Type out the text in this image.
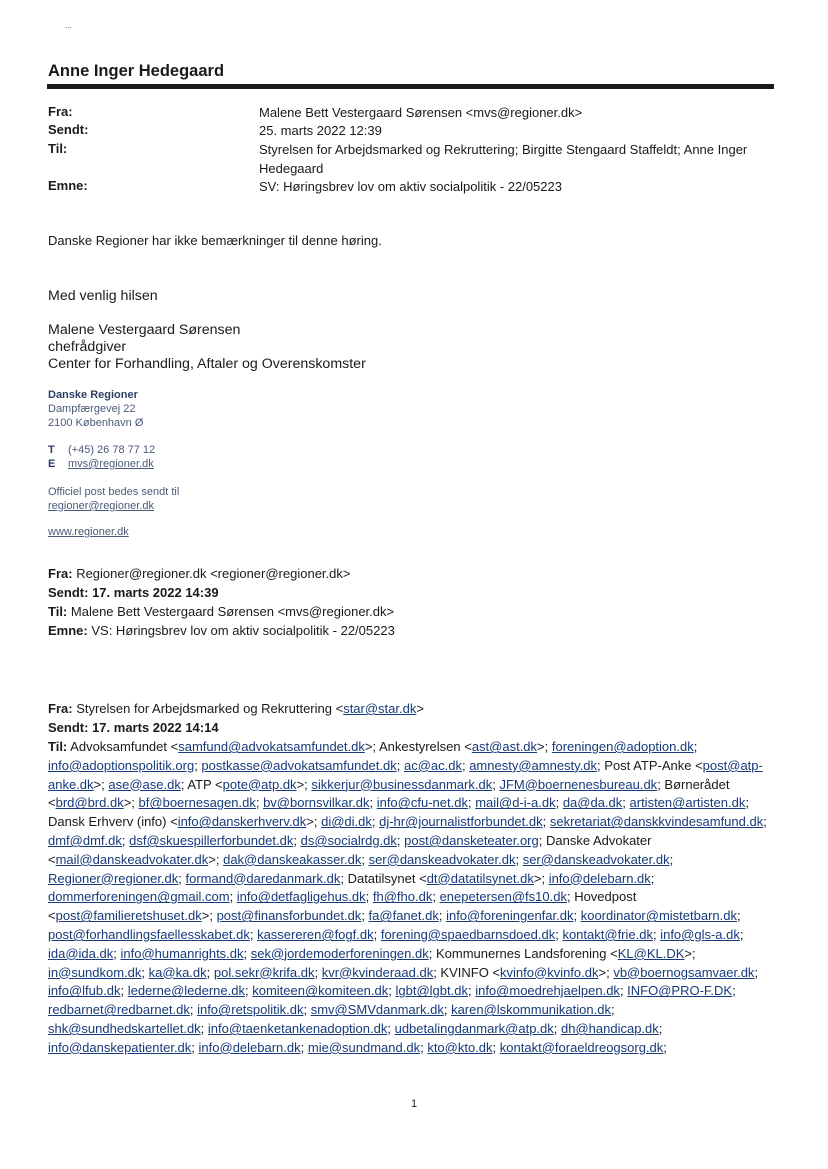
⁝
Anne Inger Hedegaard
Fra:	Malene Bett Vestergaard Sørensen <mvs@regioner.dk>
Sendt:	25. marts 2022 12:39
Til:	Styrelsen for Arbejdsmarked og Rekruttering; Birgitte Stengaard Staffeldt; Anne Inger Hedegaard
Emne:	SV: Høringsbrev lov om aktiv socialpolitik - 22/05223
Danske Regioner har ikke bemærkninger til denne høring.
Med venlig hilsen
Malene Vestergaard Sørensen
chefrådgiver
Center for Forhandling, Aftaler og Overenskomster
Danske Regioner
Dampfærgevej 22
2100 København Ø
T (+45) 26 78 77 12
E mvs@regioner.dk
Officiel post bedes sendt til
regioner@regioner.dk
www.regioner.dk
Fra: Regioner@regioner.dk <regioner@regioner.dk>
Sendt: 17. marts 2022 14:39
Til: Malene Bett Vestergaard Sørensen <mvs@regioner.dk>
Emne: VS: Høringsbrev lov om aktiv socialpolitik - 22/05223
Fra: Styrelsen for Arbejdsmarked og Rekruttering <star@star.dk>
Sendt: 17. marts 2022 14:14
Til: Advoksamfundet <samfund@advokatsamfundet.dk>; Ankestyrelsen <ast@ast.dk>; foreningen@adoption.dk; info@adoptionspolitik.org; postkasse@advokatsamfundet.dk; ac@ac.dk; amnesty@amnesty.dk; Post ATP-Anke <post@atp-anke.dk>; ase@ase.dk; ATP <pote@atp.dk>; sikkerjur@businessdanmark.dk; JFM@boernenesbureau.dk; Børnerådet <brd@brd.dk>; bf@boernesagen.dk; bv@bornsvilkar.dk; info@cfu-net.dk; mail@d-i-a.dk; da@da.dk; artisten@artisten.dk; Dansk Erhverv (info) <info@danskerhverv.dk>; di@di.dk; dj-hr@journalistforbundet.dk; sekretariat@danskkvindesamfund.dk; dmf@dmf.dk; dsf@skuespillerforbundet.dk; ds@socialrdg.dk; post@dansketeater.org; Danske Advokater <mail@danskeadvokater.dk>; dak@danskeakasser.dk; ser@danskeadvokater.dk; ser@danskeadvokater.dk; Regioner@regioner.dk; formand@daredanmark.dk; Datatilsynet <dt@datatilsynet.dk>; info@delebarn.dk; dommerforeningen@gmail.com; info@detfagligehus.dk; fh@fho.dk; enepetersen@fs10.dk; Hovedpost <post@familieretshuset.dk>; post@finansforbundet.dk; fa@fanet.dk; info@foreningenfar.dk; koordinator@mistetbarn.dk; post@forhandlingsfaellesskabet.dk; kassereren@fogf.dk; forening@spaedbarnsdoed.dk; kontakt@frie.dk; info@gls-a.dk; ida@ida.dk; info@humanrights.dk; sek@jordemoderforeningen.dk; Kommunernes Landsforening <KL@KL.DK>; in@sundkom.dk; ka@ka.dk; pol.sekr@krifa.dk; kvr@kvinderaad.dk; KVINFO <kvinfo@kvinfo.dk>; vb@boernogsamvaer.dk; info@lfub.dk; lederne@lederne.dk; komiteen@komiteen.dk; lgbt@lgbt.dk; info@moedrehjaelpen.dk; INFO@PRO-F.DK; redbarnet@redbarnet.dk; info@retspolitik.dk; smv@SMVdanmark.dk; karen@lskommunikation.dk; shk@sundhedskartellet.dk; info@taenketankenadoption.dk; udbetalingdanmark@atp.dk; dh@handicap.dk; info@danskepatienter.dk; info@delebarn.dk; mie@sundmand.dk; kto@kto.dk; kontakt@foraeldreogsorg.dk;
1
